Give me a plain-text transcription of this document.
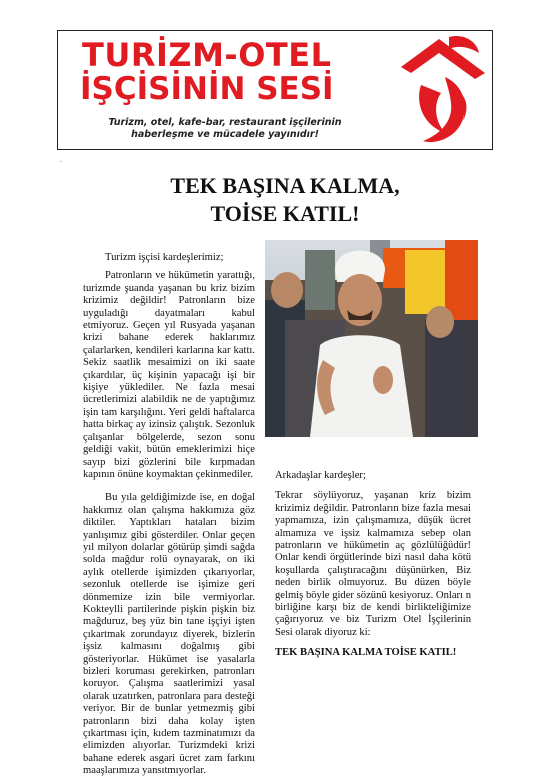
TURİZM-OTEL
İŞÇİSİNİN SESİ
Turizm, otel, kafe-bar, restaurant işçilerinin haberleşme ve mücadele yayınıdır!
.
TEK BAŞINA KALMA,
TOİSE KATIL!

Turizm işçisi kardeşlerimiz;

Patronların ve hükümetin yarattığı, turizmde şuanda yaşanan bu kriz bizim krizimiz değildir! Patronların bize uyguladığı dayatmaları kabul etmiyoruz. Geçen yıl Rusyada yaşanan krizi bahane ederek haklarımız çalarlarken, kendileri karlarına kar kattı. Sekiz saatlik mesaimizi on iki saate çıkardılar, üç kişinin yapacağı işi bir kişiye yüklediler. Ne fazla mesai ücretlerimizi alabildik ne de yaptığımız işin tam karşılığını. Yeri geldi haftalarca hatta birkaç ay izinsiz çalıştık. Sezonluk çalışanlar bölgelerde, sezon sonu geldiği vakit, bütün emeklerimizi hiçe sayıp bizi gözlerini bile kırpmadan kapının önüne koymaktan çekinmediler.

Bu yıla geldiğimizde ise, en doğal hakkımız olan çalışma hakkımıza göz diktiler. Yaptıkları hataları bizim yanlışımız gibi gösterdiler. Onlar geçen yıl milyon dolarlar götürüp şimdi sağda solda mağdur rolü oynayarak, on iki aylık otellerde işimizden çıkarıyorlar, sezonluk otellerde ise işimize geri dönmemize izin bile vermiyorlar. Kokteylli partilerinde pişkin pişkin biz mağduruz, beş yüz bin tane işçiyi işten çıkartmak zorundayız diyerek, bizlerin işsiz kalmasını doğalmış gibi gösteriyorlar. Hükümet ise yasalarla bizleri koruması gerekirken, patronları koruyor. Çalışma saatlerimizi yasal olarak uzatırken, patronlara para desteği veriyor. Bir de bunlar yetmezmiş gibi patronların bizi daha kolay işten çıkartması için, kıdem tazminatımızı da elimizden alıyorlar. Turizmdeki krizi bahane ederek asgari ücret zam farkını maaşlarımıza yansıtmıyorlar.

Arkadaşlar kardeşler;

Tekrar söylüyoruz, yaşanan kriz bizim krizimiz değildir. Patronların bize fazla mesai yapmamıza, izin çalışmamıza, düşük ücret almamıza ve işsiz kalmamıza sebep olan patronların ve hükümetin aç gözlülüğüdür! Onlar kendi örgütlerinde bizi nasıl daha kötü koşullarda çalıştıracağını düşünürken, Biz neden birlik olmuyoruz. Bu düzen böyle gelmiş böyle gider sözünü kesiyoruz. Onları n birliğine karşı biz de kendi birlikteliğimize çağırıyoruz ve biz Turizm Otel İşçilerinin Sesi olarak diyoruz ki:

TEK BAŞINA KALMA TOİSE KATIL!
